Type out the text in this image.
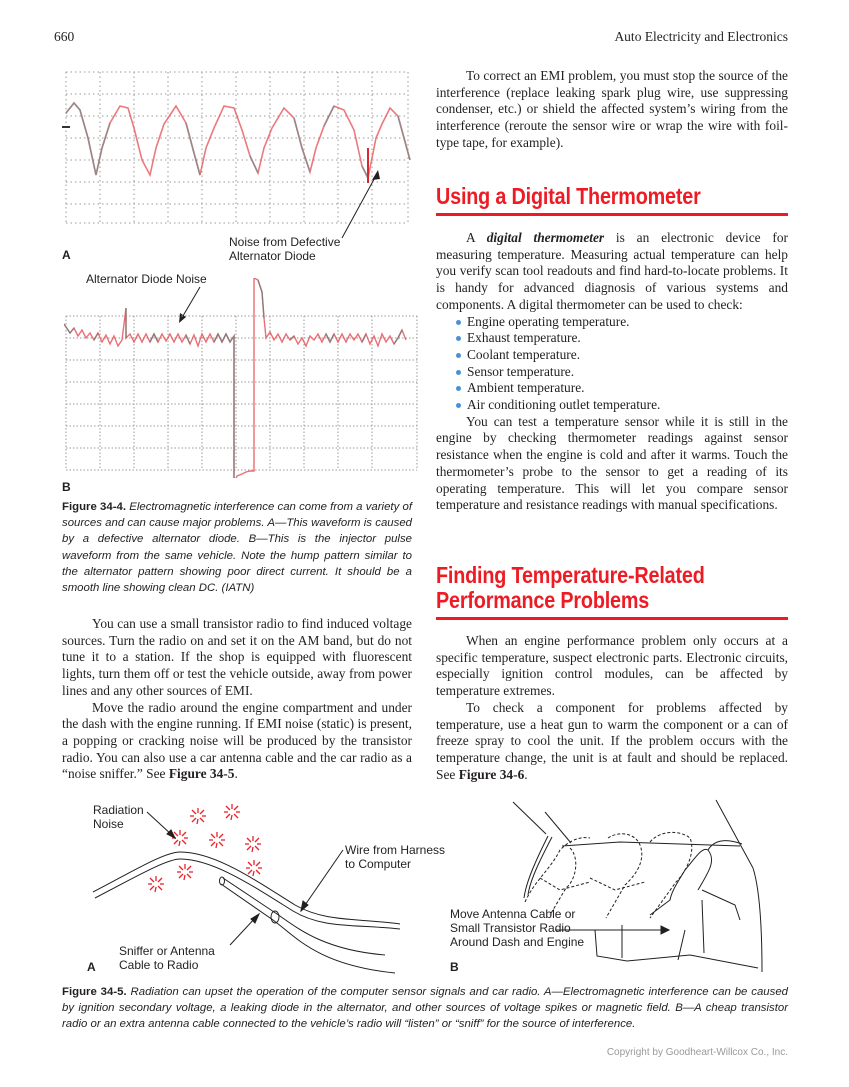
660	Auto Electricity and Electronics
A
Noise from Defective
Alternator Diode
Alternator Diode Noise
B

Figure 34-4. Electromagnetic interference can come from a variety of sources and can cause major problems. A—This waveform is caused by a defective alternator diode. B—This is the injector pulse waveform from the same vehicle. Note the hump pattern similar to the alternator pattern showing poor direct current. It should be a smooth line showing clean DC. (IATN)

You can use a small transistor radio to find induced voltage sources. Turn the radio on and set it on the AM band, but do not tune it to a station. If the shop is equipped with fluorescent lights, turn them off or test the vehicle outside, away from power lines and any other sources of EMI.

Move the radio around the engine compartment and under the dash with the engine running. If EMI noise (static) is present, a popping or cracking noise will be produced by the transistor radio. You can also use a car antenna cable and the car radio as a “noise sniffer.” See Figure 34-5.

To correct an EMI problem, you must stop the source of the interference (replace leaking spark plug wire, use suppressing condenser, etc.) or shield the affected system’s wiring from the interference (reroute the sensor wire or wrap the wire with foil-type tape, for example).

Using a Digital Thermometer

A digital thermometer is an electronic device for measuring temperature. Measuring actual temperature can help you verify scan tool readouts and find hard-to-locate problems. It is handy for advanced diagnosis of various systems and components. A digital thermometer can be used to check:

Engine operating temperature.
Exhaust temperature.
Coolant temperature.
Sensor temperature.
Ambient temperature.
Air conditioning outlet temperature.

You can test a temperature sensor while it is still in the engine by checking thermometer readings against sensor resistance when the engine is cold and after it warms. Touch the thermometer’s probe to the sensor to get a reading of its operating temperature. This will let you compare sensor temperature and resistance readings with manual specifications.

Finding Temperature-Related
Performance Problems

When an engine performance problem only occurs at a specific temperature, suspect electronic parts. Electronic circuits, especially ignition control modules, can be affected by temperature extremes.

To check a component for problems affected by temperature, use a heat gun to warm the component or a can of freeze spray to cool the unit. If the problem occurs with the temperature change, the unit is at fault and should be replaced. See Figure 34-6.

Radiation
Noise
Wire from Harness
to Computer
Sniffer or Antenna
Cable to Radio
A
Move Antenna Cable or
Small Transistor Radio
Around Dash and Engine
B

Figure 34-5. Radiation can upset the operation of the computer sensor signals and car radio. A—Electromagnetic interference can be caused by ignition secondary voltage, a leaking diode in the alternator, and other sources of voltage spikes or magnetic field. B—A cheap transistor radio or an extra antenna cable connected to the vehicle’s radio will “listen” or “sniff” for the source of interference.

Copyright by Goodheart-Willcox Co., Inc.
